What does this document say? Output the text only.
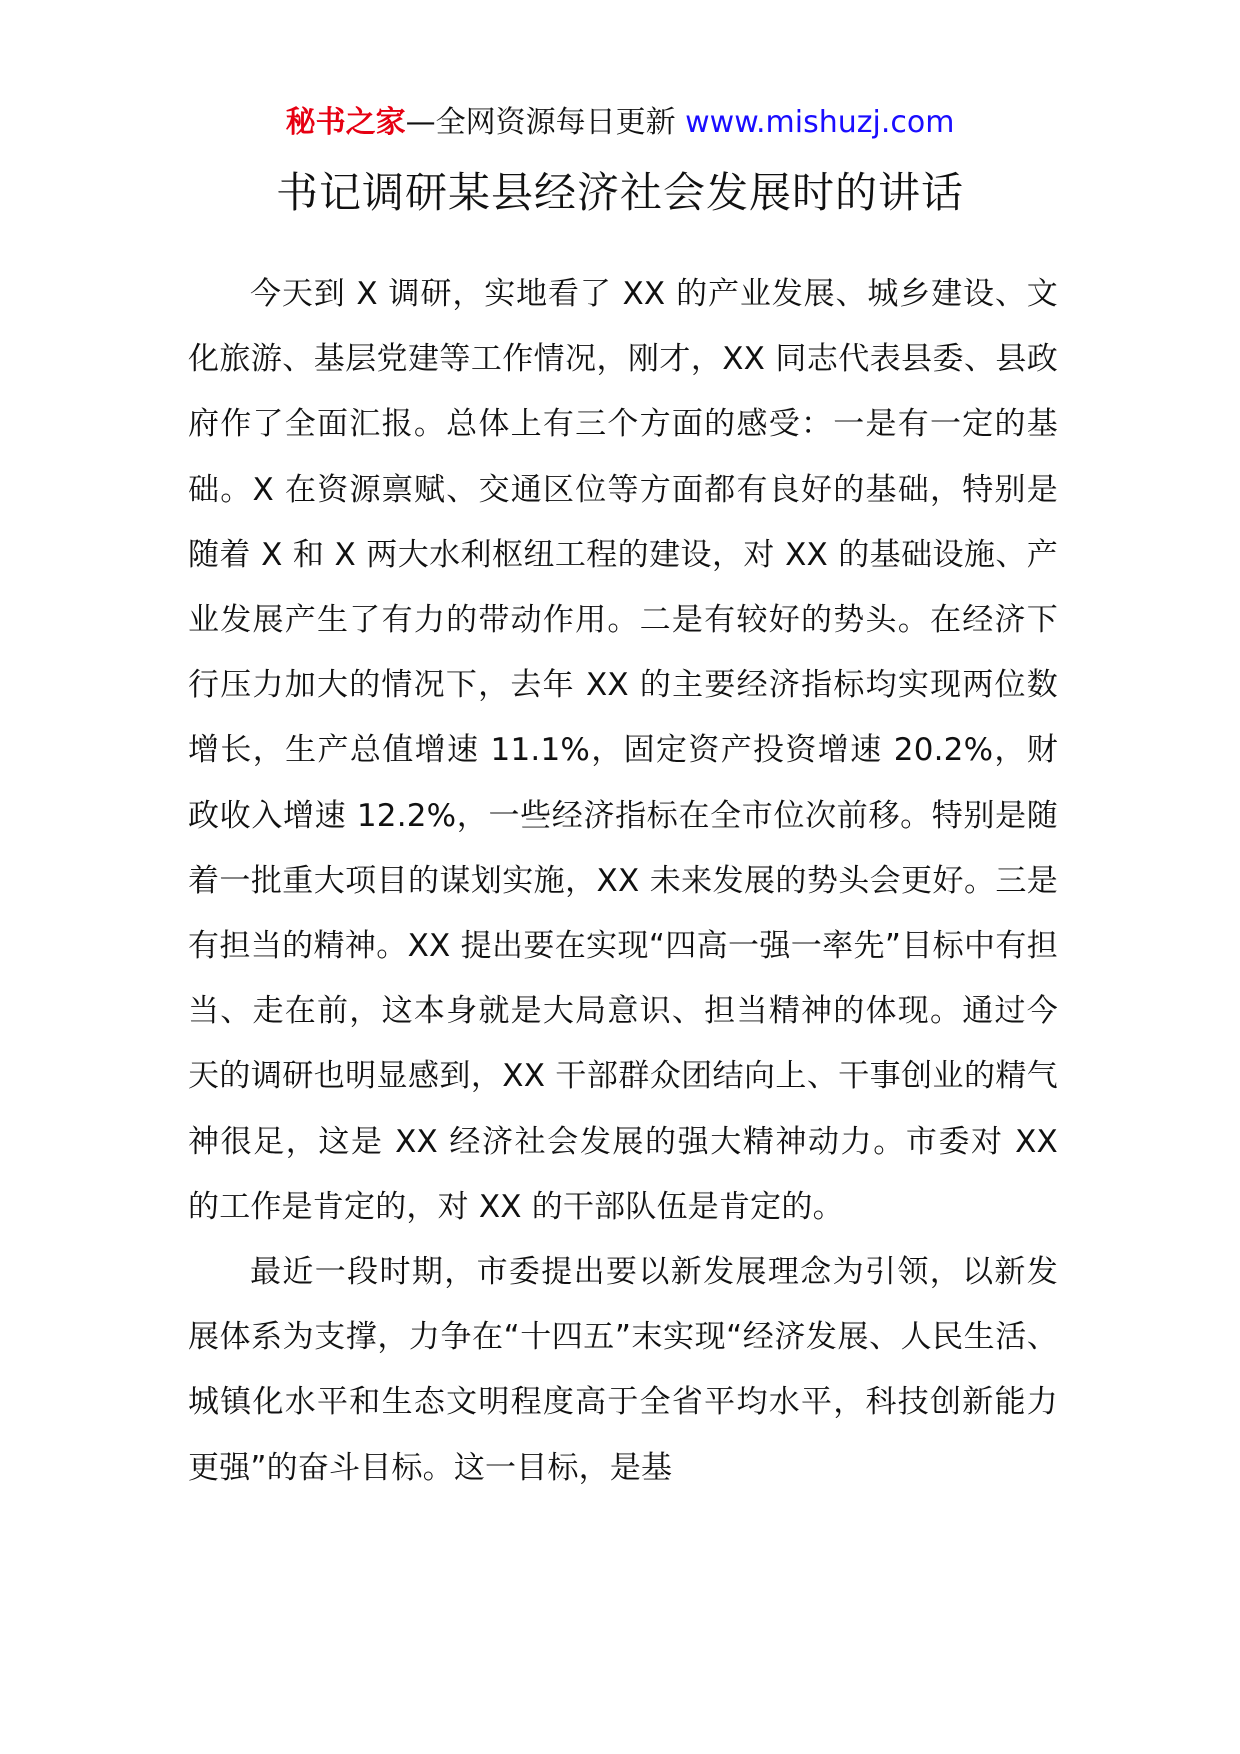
秘书之家—全网资源每日更新 www.mishuzj.com
书记调研某县经济社会发展时的讲话

今天到 X 调研，实地看了 XX 的产业发展、城乡建设、文化旅游、基层党建等工作情况，刚才，XX 同志代表县委、县政府作了全面汇报。总体上有三个方面的感受：一是有一定的基础。X 在资源禀赋、交通区位等方面都有良好的基础，特别是随着 X 和 X 两大水利枢纽工程的建设，对 XX 的基础设施、产业发展产生了有力的带动作用。二是有较好的势头。在经济下行压力加大的情况下，去年 XX 的主要经济指标均实现两位数增长，生产总值增速 11.1%，固定资产投资增速 20.2%，财政收入增速 12.2%，一些经济指标在全市位次前移。特别是随着一批重大项目的谋划实施，XX 未来发展的势头会更好。三是有担当的精神。XX 提出要在实现“四高一强一率先”目标中有担当、走在前，这本身就是大局意识、担当精神的体现。通过今天的调研也明显感到，XX 干部群众团结向上、干事创业的精气神很足，这是 XX 经济社会发展的强大精神动力。市委对 XX 的工作是肯定的，对 XX 的干部队伍是肯定的。

最近一段时期，市委提出要以新发展理念为引领，以新发展体系为支撑，力争在“十四五”末实现“经济发展、人民生活、城镇化水平和生态文明程度高于全省平均水平，科技创新能力更强”的奋斗目标。这一目标，是基
